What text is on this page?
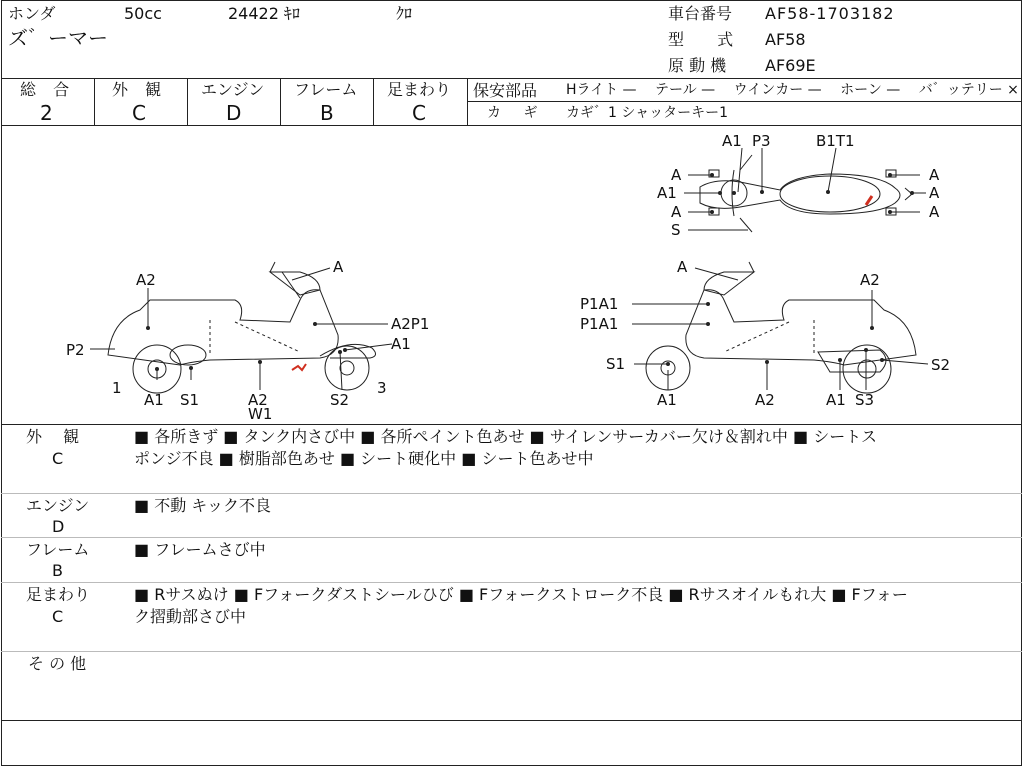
ホンダ	50cc	24422 ｷﾛ	ｸﾛ
ズ゛ーマー
車台番号 AF58-1703182
型 式 AF58
原 動 機 AF69E
総 合
2
外 観
C
エンジン
D
フレーム
B
足まわり
C
保安部品 Hライト —　 テール —　 ウインカー —　 ホーン —　 バ゛ッテリー ×
カ ギ カギ゛1 シャッターキー1
A1 P3	B1T1
A
A1
A
S
A
A
A
A2
A
A2P1
A1
P2
1
A1 S1	A2
W1
S2
3
A
A2
P1A1
P1A1
S1	S2
A1	A2	A1 S3
外　 観
C
■ 各所きず ■ タンク内さび中 ■ 各所ペイント色あせ ■ サイレンサーカバー欠け＆割れ中 ■ シートス
ポンジ不良 ■ 樹脂部色あせ ■ シート硬化中 ■ シート色あせ中
エンジン
D
■ 不動 キック不良
フレーム
B
■ フレームさび中
足まわり
C
■ Rサスぬけ ■ Fフォークダストシールひび ■ Fフォークストローク不良 ■ Rサスオイルもれ大 ■ Fフォー
ク摺動部さび中
そ の 他
